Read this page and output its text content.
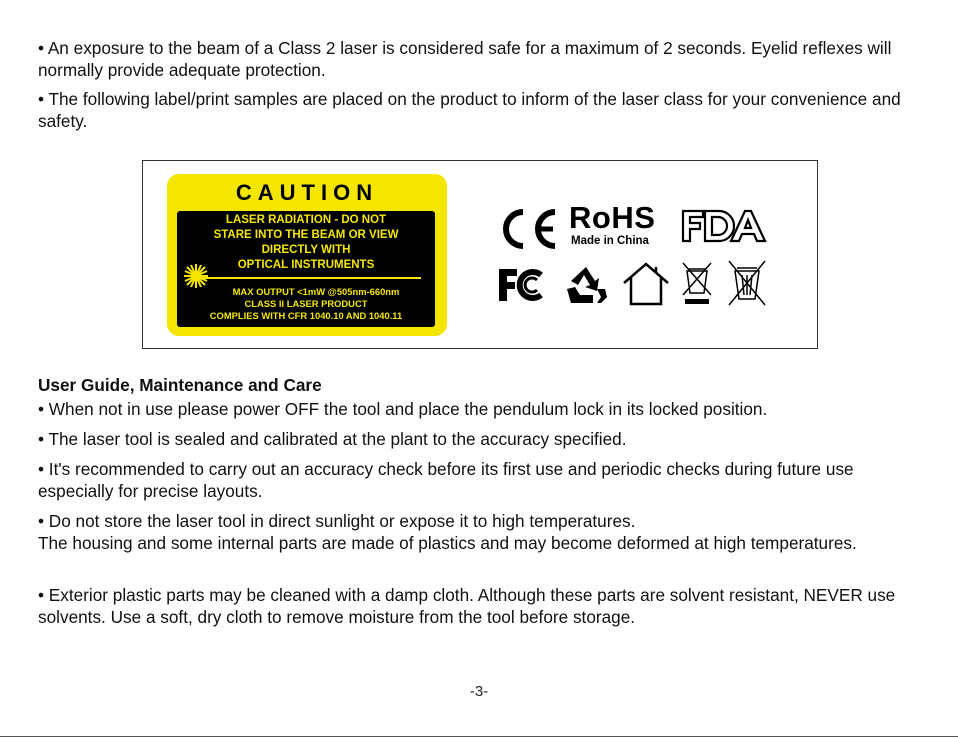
• An exposure to the beam of a Class 2 laser is considered safe for a maximum of 2 seconds. Eyelid reflexes will normally provide adequate protection.

• The following label/print samples are placed on the product to inform of the laser class for your convenience and safety.

CAUTION
LASER RADIATION - DO NOT
STARE INTO THE BEAM OR VIEW
DIRECTLY WITH
OPTICAL INSTRUMENTS
MAX OUTPUT <1mW @505nm-660nm
CLASS II LASER PRODUCT
COMPLIES WITH CFR 1040.10 AND 1040.11
RoHS
Made in China

User Guide, Maintenance and Care

• When not in use please power OFF the tool and place the pendulum lock in its locked position.

• The laser tool is sealed and calibrated at the plant to the accuracy specified.

• It's recommended to carry out an accuracy check before its first use and periodic checks during future use especially for precise layouts.

• Do not store the laser tool in direct sunlight or expose it to high temperatures.
The housing and some internal parts are made of plastics and may become deformed at high temperatures.

• Exterior plastic parts may be cleaned with a damp cloth. Although these parts are solvent resistant, NEVER use solvents. Use a soft, dry cloth to remove moisture from the tool before storage.

-3-
